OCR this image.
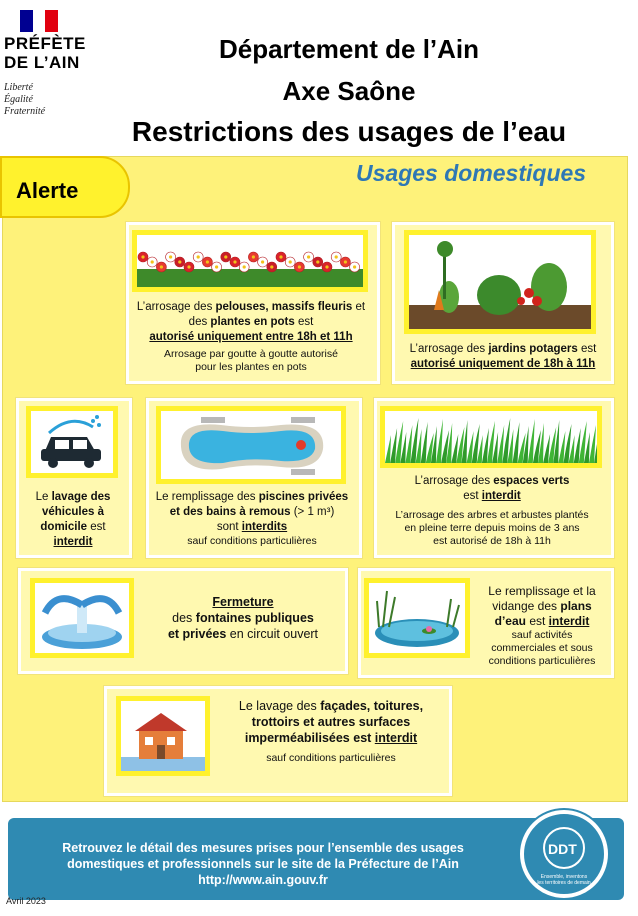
PRÉFÈTE
DE L’AIN
Liberté
Égalité
Fraternité
Département de l’Ain
Axe Saône
Restrictions des usages de l’eau
Alerte
Usages domestiques
L’arrosage des pelouses, massifs fleuris et
des plantes en pots est
autorisé uniquement entre 18h et 11h
Arrosage par goutte à goutte autorisé
pour les plantes en pots
L’arrosage des jardins potagers est
autorisé uniquement de 18h à 11h
Le lavage des
véhicules à
domicile est
interdit
Le remplissage des piscines privées
et des bains à remous (> 1 m³)
sont interdits
sauf conditions particulières
L’arrosage des espaces verts
est interdit
L’arrosage des arbres et arbustes plantés
en pleine terre depuis moins de 3 ans
est autorisé de 18h à 11h
Fermeture
des fontaines publiques
et privées en circuit ouvert
Le remplissage et la
vidange des plans
d’eau est interdit
sauf activités
commerciales et sous
conditions particulières
Le lavage des façades, toitures,
trottoirs et autres surfaces
imperméabilisées est interdit
sauf conditions particulières
Retrouvez le détail des mesures prises pour l’ensemble des usages
domestiques et professionnels sur le site de la Préfecture de l’Ain
http://www.ain.gouv.fr
DDT
Ensemble, inventons
les territoires de demain
Avril 2023
